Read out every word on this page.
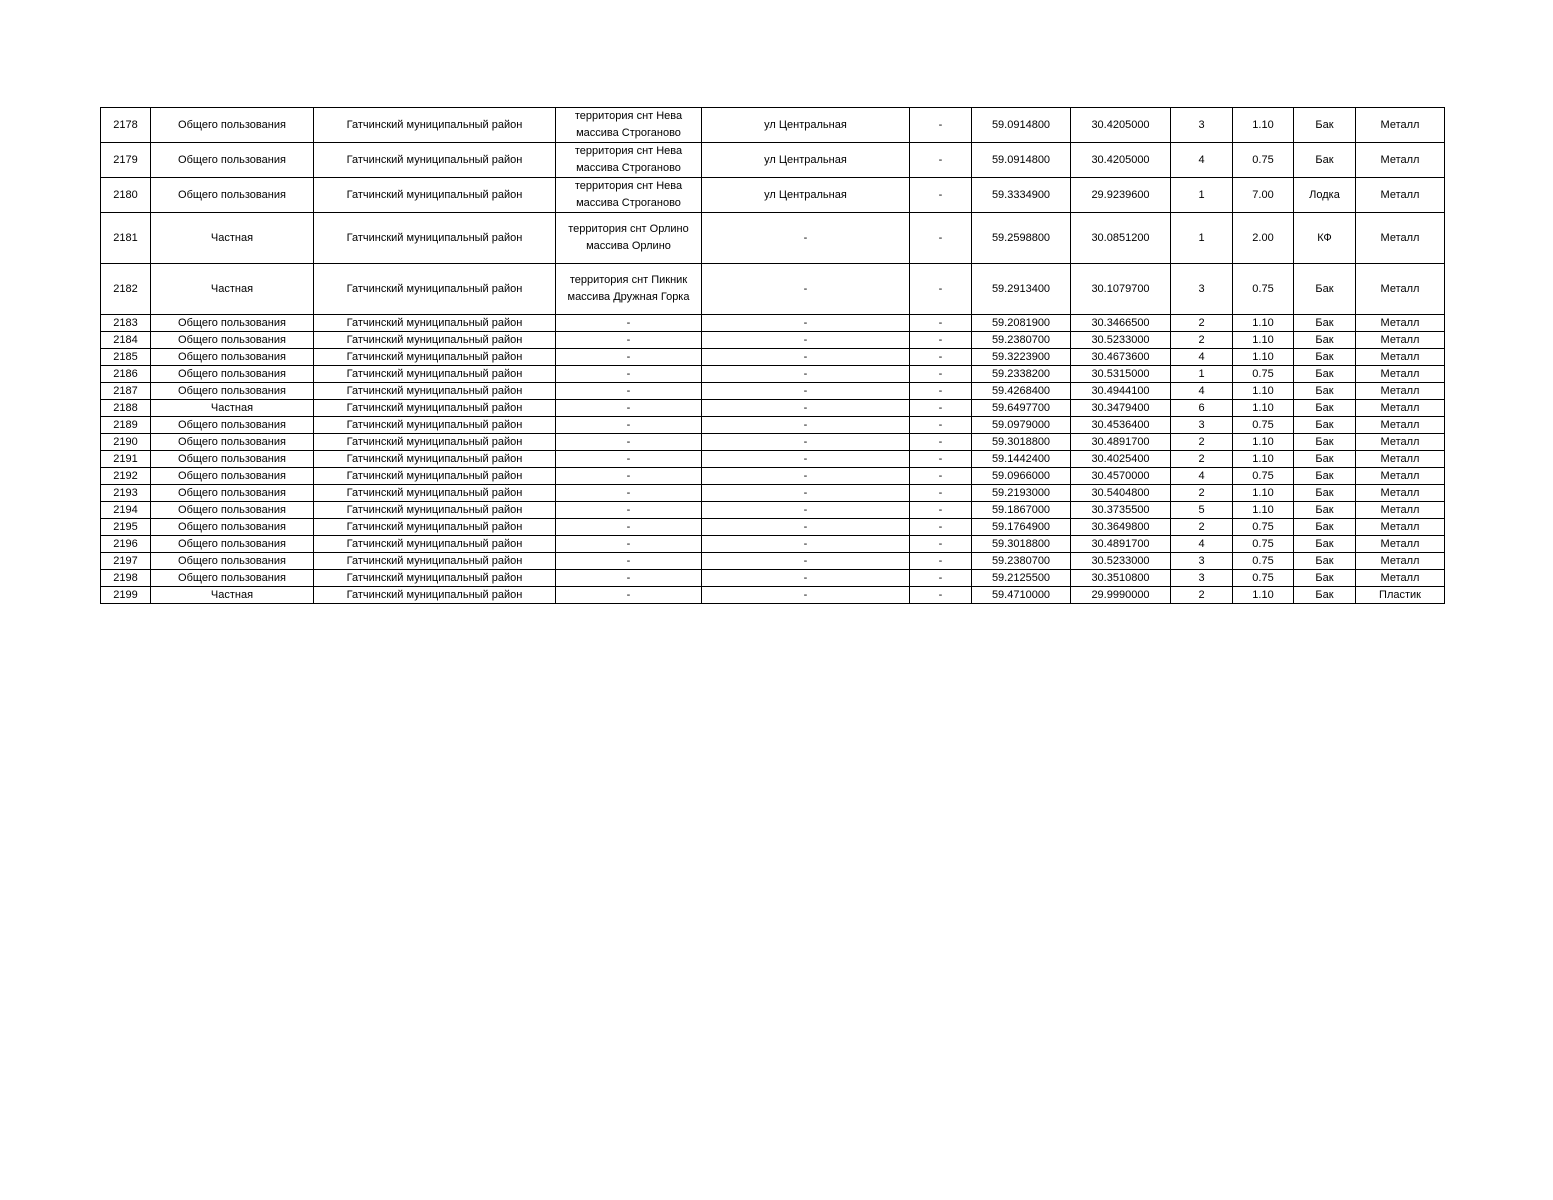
2178	Общего пользования	Гатчинский муниципальный район	территория снт Нева массива Строганово	ул Центральная	-	59.0914800	30.4205000	3	1.10	Бак	Металл
2179	Общего пользования	Гатчинский муниципальный район	территория снт Нева массива Строганово	ул Центральная	-	59.0914800	30.4205000	4	0.75	Бак	Металл
2180	Общего пользования	Гатчинский муниципальный район	территория снт Нева массива Строганово	ул Центральная	-	59.3334900	29.9239600	1	7.00	Лодка	Металл
2181	Частная	Гатчинский муниципальный район	территория снт Орлино массива Орлино	-	-	59.2598800	30.0851200	1	2.00	КФ	Металл
2182	Частная	Гатчинский муниципальный район	территория снт Пикник массива Дружная Горка	-	-	59.2913400	30.1079700	3	0.75	Бак	Металл
2183	Общего пользования	Гатчинский муниципальный район	-	-	-	59.2081900	30.3466500	2	1.10	Бак	Металл
2184	Общего пользования	Гатчинский муниципальный район	-	-	-	59.2380700	30.5233000	2	1.10	Бак	Металл
2185	Общего пользования	Гатчинский муниципальный район	-	-	-	59.3223900	30.4673600	4	1.10	Бак	Металл
2186	Общего пользования	Гатчинский муниципальный район	-	-	-	59.2338200	30.5315000	1	0.75	Бак	Металл
2187	Общего пользования	Гатчинский муниципальный район	-	-	-	59.4268400	30.4944100	4	1.10	Бак	Металл
2188	Частная	Гатчинский муниципальный район	-	-	-	59.6497700	30.3479400	6	1.10	Бак	Металл
2189	Общего пользования	Гатчинский муниципальный район	-	-	-	59.0979000	30.4536400	3	0.75	Бак	Металл
2190	Общего пользования	Гатчинский муниципальный район	-	-	-	59.3018800	30.4891700	2	1.10	Бак	Металл
2191	Общего пользования	Гатчинский муниципальный район	-	-	-	59.1442400	30.4025400	2	1.10	Бак	Металл
2192	Общего пользования	Гатчинский муниципальный район	-	-	-	59.0966000	30.4570000	4	0.75	Бак	Металл
2193	Общего пользования	Гатчинский муниципальный район	-	-	-	59.2193000	30.5404800	2	1.10	Бак	Металл
2194	Общего пользования	Гатчинский муниципальный район	-	-	-	59.1867000	30.3735500	5	1.10	Бак	Металл
2195	Общего пользования	Гатчинский муниципальный район	-	-	-	59.1764900	30.3649800	2	0.75	Бак	Металл
2196	Общего пользования	Гатчинский муниципальный район	-	-	-	59.3018800	30.4891700	4	0.75	Бак	Металл
2197	Общего пользования	Гатчинский муниципальный район	-	-	-	59.2380700	30.5233000	3	0.75	Бак	Металл
2198	Общего пользования	Гатчинский муниципальный район	-	-	-	59.2125500	30.3510800	3	0.75	Бак	Металл
2199	Частная	Гатчинский муниципальный район	-	-	-	59.4710000	29.9990000	2	1.10	Бак	Пластик
